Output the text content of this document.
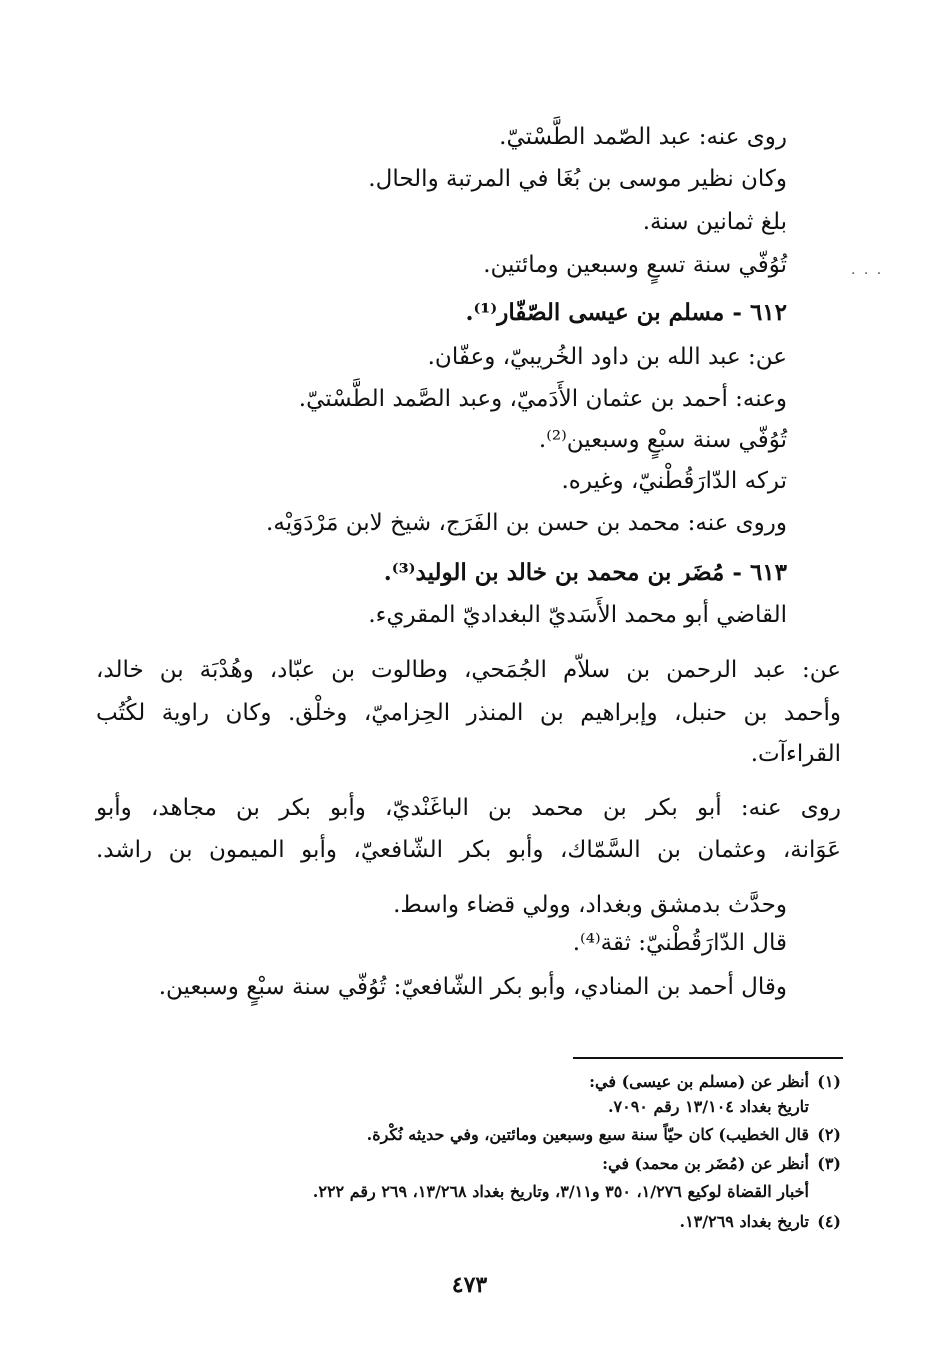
روى عنه: عبد الصّمد الطَّسْتيّ.
وكان نظير موسى بن بُغَا في المرتبة والحال.
بلغ ثمانين سنة.
تُوُفّي سنة تسعٍ وسبعين ومائتين.	. . .
٦١٢ - مسلم بن عيسى الصّفّار⁽¹⁾.
عن: عبد الله بن داود الخُريبيّ، وعفّان.
وعنه: أحمد بن عثمان الأَدَميّ، وعبد الصَّمد الطَّسْتيّ.
تُوُفّي سنة سبْعٍ وسبعين⁽²⁾.
تركه الدّارَقُطْنيّ، وغيره.
وروى عنه: محمد بن حسن بن الفَرَج، شيخ لابن مَرْدَوَيْه.
٦١٣ - مُضَر بن محمد بن خالد بن الوليد⁽³⁾.
القاضي أبو محمد الأَسَديّ البغداديّ المقريء.
عن: عبد الرحمن بن سلاّم الجُمَحي، وطالوت بن عبّاد، وهُدْبَة بن خالد،
وأحمد بن حنبل، وإبراهيم بن المنذر الحِزاميّ، وخلْق. وكان راوية لكُتُب
القراءآت.
روى عنه: أبو بكر بن محمد بن الباغَنْديّ، وأبو بكر بن مجاهد، وأبو
عَوَانة، وعثمان بن السَّمّاك، وأبو بكر الشّافعيّ، وأبو الميمون بن راشد.
وحدَّث بدمشق وبغداد، وولي قضاء واسط.
قال الدّارَقُطْنيّ: ثقة⁽⁴⁾.
وقال أحمد بن المنادي، وأبو بكر الشّافعيّ: تُوُفّي سنة سبْعٍ وسبعين.
(١)
أنظر عن (مسلم بن عيسى) في:
تاريخ بغداد ١٣/١٠٤ رقم ٧٠٩٠.
(٢)
قال الخطيب) كان حيّاً سنة سبع وسبعين ومائتين، وفي حديثه نُكْرة.
(٣)
أنظر عن (مُضَر بن محمد) في:
أخبار القضاة لوكيع ١/٢٧٦، ٣٥٠ و٣/١١، وتاريخ بغداد ١٣/٢٦٨، ٢٦٩ رقم ٢٢٢.
(٤)
تاريخ بغداد ١٣/٢٦٩.
٤٧٣
